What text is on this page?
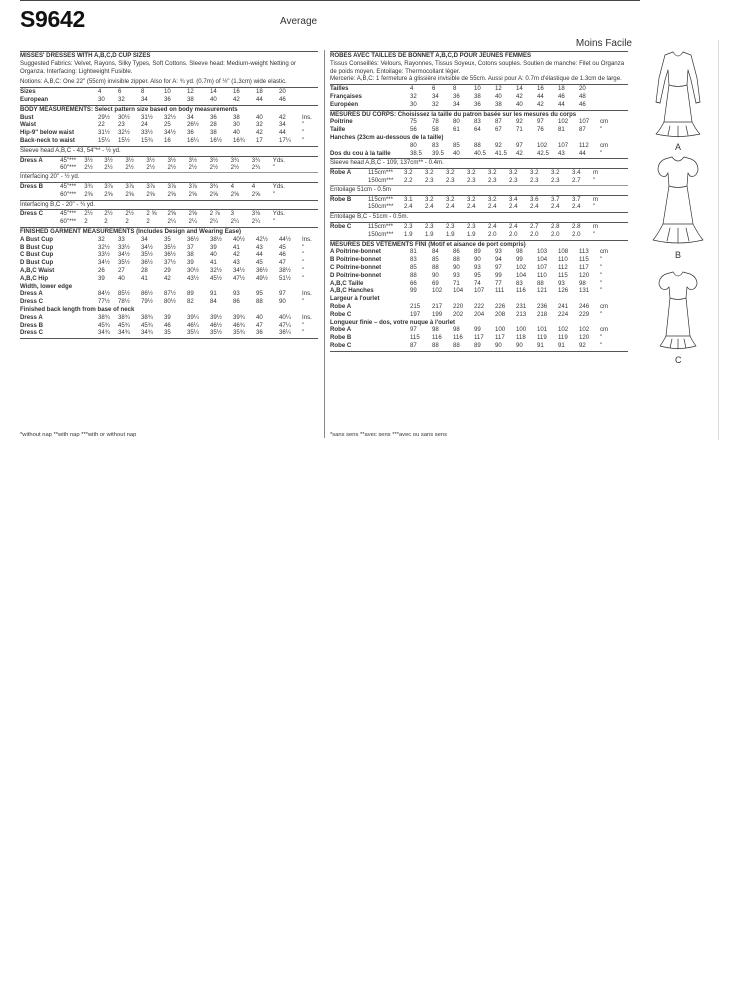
S9642	Average
Moins Facile
MISSES' DRESSES WITH A,B,C,D CUP SIZES
Suggested Fabrics: Velvet, Rayons, Silky Types, Soft Cottons. Sleeve head: Medium-weight Netting or Organza. Interfacing: Lightweight Fusible.
Notions: A,B,C: One 22" (55cm) invisible zipper. Also for A: ¾ yd. (0.7m) of ½" (1.3cm) wide elastic.
Sizes	4	6	8	10	12	14	16	18	20	
European	30	32	34	36	38	40	42	44	46	
BODY MEASUREMENTS: Select pattern size based on body measurements
Bust	29½	30½	31½	32½	34	36	38	40	42	Ins.
Waist	22	23	24	25	26½	28	30	32	34	"
Hip-9" below waist	31½	32½	33½	34½	36	38	40	42	44	"
Back-neck to waist	15¼	15½	15¾	16	16¼	16½	16¾	17	17¼	"
Sleeve head A,B,C - 43, 54"** - ½ yd.
Dress A	45"***	3½	3½	3½	3½	3½	3½	3½	3¾	3¾	Yds.
	60"***	2½	2½	2½	2½	2½	2½	2½	2½	2¾	"
Interfacing 20" - ½ yd.
Dress B	45"***	3¾	3⅞	3⅞	3⅞	3⅞	3⅞	3¾	4	4	Yds.
	60"***	2⅝	2⅝	2⅝	2⅝	2⅝	2⅝	2⅝	2⅝	2⅝	"
Interfacing B,C - 20" - ¾ yd.
Dress C	45"***	2½	2½	2½	2 ⅝	2⅝	2⅝	2 ⅞	3	3⅛	Yds.
	60"***	2	2	2	2	2¼	2¼	2¼	2¼	2¼	"
FINISHED GARMENT MEASUREMENTS (Includes Design and Wearing Ease)
A Bust Cup	32	33	34	35	36½	38½	40½	42½	44½	Ins.
B Bust Cup	32½	33½	34½	35½	37	39	41	43	45	"
C Bust Cup	33½	34½	35½	36½	38	40	42	44	46	"
D Bust Cup	34½	35½	36½	37½	39	41	43	45	47	"
A,B,C Waist	26	27	28	29	30½	32½	34½	36½	38½	"
A,B,C Hip	39	40	41	42	43½	45½	47½	49½	51½	"
Width, lower edge
Dress A	84½	85½	86½	87½	89	91	93	95	97	Ins.
Dress C	77½	78½	79½	80½	82	84	86	88	90	"
Finished back length from base of neck
Dress A	38¾	38¾	38¾	39	39¼	39½	39¾	40	40¼	Ins.
Dress B	45¾	45¾	45¾	46	46¼	46½	46¾	47	47¼	"
Dress C	34¾	34¾	34¾	35	35¼	35½	35¾	36	36¼	"
ROBES AVEC TAILLES DE BONNET A,B,C,D POUR JEUNES FEMMES
Tissus Conseillés: Velours, Rayonnes, Tissus Soyeux, Cotons souples. Soutien de manche: Filet ou Organza de poids moyen. Entoilage: Thermocollant léger.
Mercerie: A,B,C: 1 fermeture à glissière invisible de 55cm. Aussi pour A: 0.7m d'élastique de 1.3cm de large.
Tailles	4	6	8	10	12	14	16	18	20	
Françaises	32	34	36	38	40	42	44	46	48	
Européen	30	32	34	36	38	40	42	44	46	
MESURES DU CORPS: Choisissez la taille du patron basée sur les mesures du corps
Poitrine	75	78	80	83	87	92	97	102	107	cm
Taille	56	58	61	64	67	71	76	81	87	"
Hanches (23cm au-dessous de la taille)
	80	83	85	88	92	97	102	107	112	cm
Dos du cou à la taille	38.5	39.5	40	40.5	41.5	42	42.5	43	44	"
Sleeve head A,B,C - 109, 137cm** - 0.4m.
Robe A	115cm***	3.2	3.2	3.2	3.2	3.2	3.2	3.2	3.2	3.4	m
	150cm***	2.2	2.3	2.3	2.3	2.3	2.3	2.3	2.3	2.7	"
Entoilage 51cm - 0.5m
Robe B	115cm***	3.1	3.2	3.2	3.2	3.2	3.4	3.6	3.7	3.7	m
	150cm***	2.4	2.4	2.4	2.4	2.4	2.4	2.4	2.4	2.4	"
Entoilage B,C - 51cm - 0.5m.
Robe C	115cm***	2.3	2.3	2.3	2.3	2.4	2.4	2.7	2.8	2.8	m
	150cm***	1.9	1.9	1.9	1.9	2.0	2.0	2.0	2.0	2.0	"
MESURES DES VÊTEMENTS FINI (Motif et aisance de port compris)
A Poitrine-bonnet	81	84	86	89	93	98	103	108	113	cm
B Poitrine-bonnet	83	85	88	90	94	99	104	110	115	"
C Poitrine-bonnet	85	88	90	93	97	102	107	112	117	"
D Poitrine-bonnet	88	90	93	95	99	104	110	115	120	"
A,B,C Taille	66	69	71	74	77	83	88	93	98	"
A,B,C Hanches	99	102	104	107	111	116	121	126	131	"
Largeur à l'ourlet
Robe A	215	217	220	222	226	231	236	241	246	cm
Robe C	197	199	202	204	208	213	218	224	229	"
Longueur finie – dos, votre nuque à l'ourlet
Robe A	97	98	98	99	100	100	101	102	102	cm
Robe B	115	116	116	117	117	118	119	119	120	"
Robe C	87	88	88	89	90	90	91	91	92	"
*without nap **with nap ***with or without nap	*sans sens **avec sens ***avec ou sans sens
A
B
C
